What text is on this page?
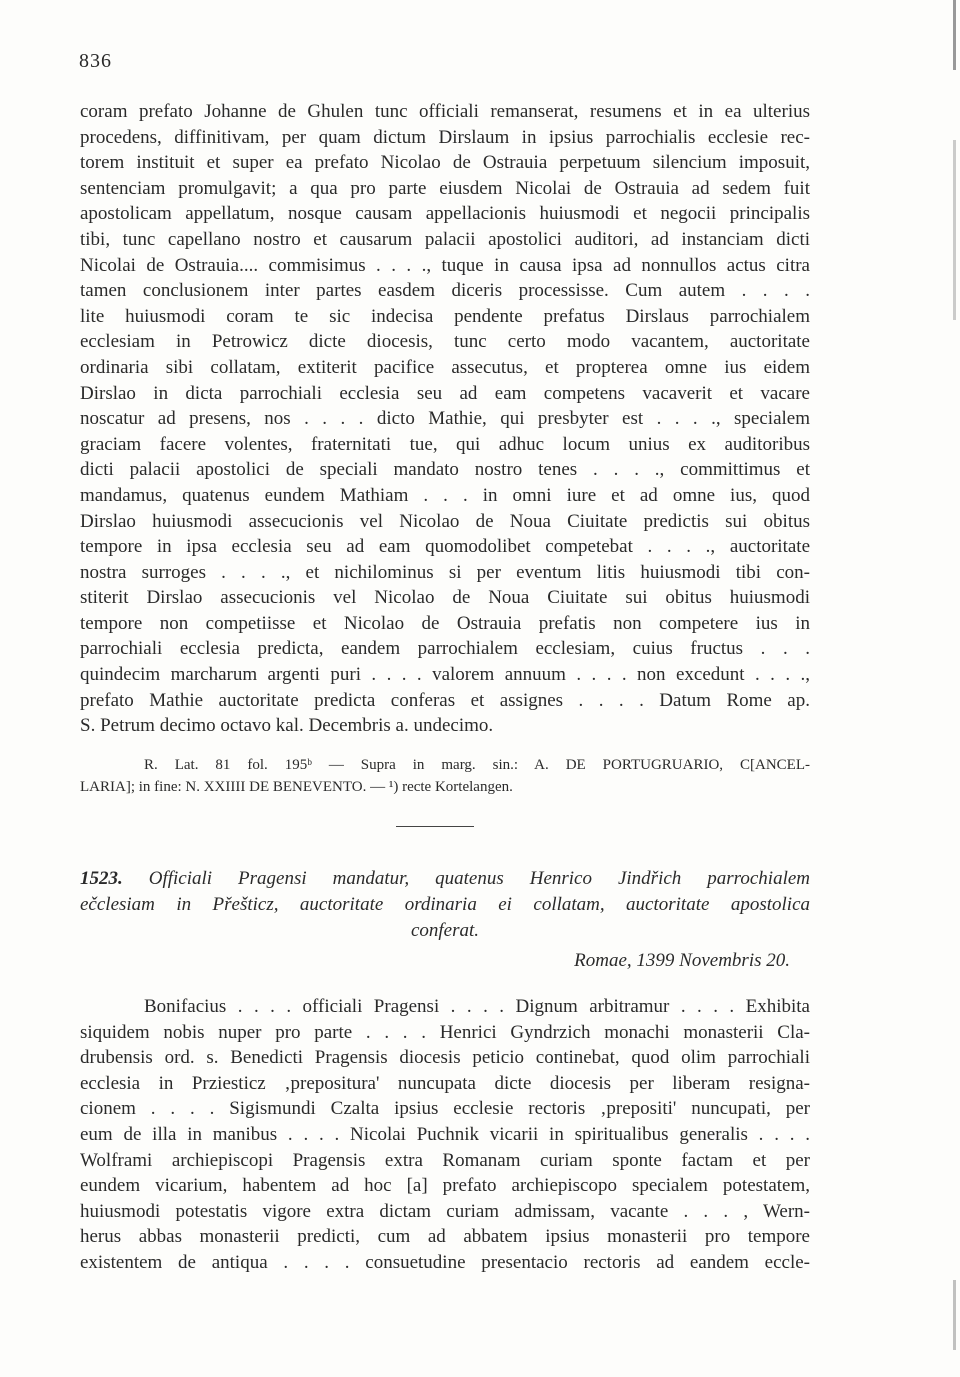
836
coram prefato Johanne de Ghulen tunc officiali remanserat, resumens et in ea ulterius
procedens, diffinitivam, per quam dictum Dirslaum in ipsius parrochialis ecclesie rec-
torem instituit et super ea prefato Nicolao de Ostrauia perpetuum silencium imposuit,
sentenciam promulgavit; a qua pro parte eiusdem Nicolai de Ostrauia ad sedem fuit
apostolicam appellatum, nosque causam appellacionis huiusmodi et negocii principalis
tibi, tunc capellano nostro et causarum palacii apostolici auditori, ad instanciam dicti
Nicolai de Ostrauia.... commisimus . . . ., tuque in causa ipsa ad nonnullos actus citra
tamen conclusionem inter partes easdem diceris processisse. Cum autem . . . .
lite huiusmodi coram te sic indecisa pendente prefatus Dirslaus parrochialem
ecclesiam in Petrowicz dicte diocesis, tunc certo modo vacantem, auctoritate
ordinaria sibi collatam, extiterit pacifice assecutus, et propterea omne ius eidem
Dirslao in dicta parrochiali ecclesia seu ad eam competens vacaverit et vacare
noscatur ad presens, nos . . . . dicto Mathie, qui presbyter est . . . ., specialem
graciam facere volentes, fraternitati tue, qui adhuc locum unius ex auditoribus
dicti palacii apostolici de speciali mandato nostro tenes . . . ., committimus et
mandamus, quatenus eundem Mathiam . . . in omni iure et ad omne ius, quod
Dirslao huiusmodi assecucionis vel Nicolao de Noua Ciuitate predictis sui obitus
tempore in ipsa ecclesia seu ad eam quomodolibet competebat . . . ., auctoritate
nostra surroges . . . ., et nichilominus si per eventum litis huiusmodi tibi con-
stiterit Dirslao assecucionis vel Nicolao de Noua Ciuitate sui obitus huiusmodi
tempore non competiisse et Nicolao de Ostrauia prefatis non competere ius in
parrochiali ecclesia predicta, eandem parrochialem ecclesiam, cuius fructus . . .
quindecim marcharum argenti puri . . . . valorem annuum . . . . non excedunt . . . .,
prefato Mathie auctoritate predicta conferas et assignes . . . . Datum Rome ap.
S. Petrum decimo octavo kal. Decembris a. undecimo.
R. Lat. 81 fol. 195ᵇ — Supra in marg. sin.: A. DE PORTUGRUARIO, C[ANCEL-
LARIA]; in fine: N. XXIIII DE BENEVENTO. — ¹) recte Kortelangen.
1523. Officiali Pragensi mandatur, quatenus Henrico Jindřich parrochialem
ečclesiam in Přešticz, auctoritate ordinaria ei collatam, auctoritate apostolica
conferat.
Romae, 1399 Novembris 20.
Bonifacius . . . . officiali Pragensi . . . . Dignum arbitramur . . . . Exhibita
siquidem nobis nuper pro parte . . . . Henrici Gyndrzich monachi monasterii Cla-
drubensis ord. s. Benedicti Pragensis diocesis peticio continebat, quod olim parrochiali
ecclesia in Prziesticz ‚prepositura' nuncupata dicte diocesis per liberam resigna-
cionem . . . . Sigismundi Czalta ipsius ecclesie rectoris ‚prepositi' nuncupati, per
eum de illa in manibus . . . . Nicolai Puchnik vicarii in spiritualibus generalis . . . .
Wolframi archiepiscopi Pragensis extra Romanam curiam sponte factam et per
eundem vicarium, habentem ad hoc [a] prefato archiepiscopo specialem potestatem,
huiusmodi potestatis vigore extra dictam curiam admissam, vacante . . . , Wern-
herus abbas monasterii predicti, cum ad abbatem ipsius monasterii pro tempore
existentem de antiqua . . . . consuetudine presentacio rectoris ad eandem eccle-
